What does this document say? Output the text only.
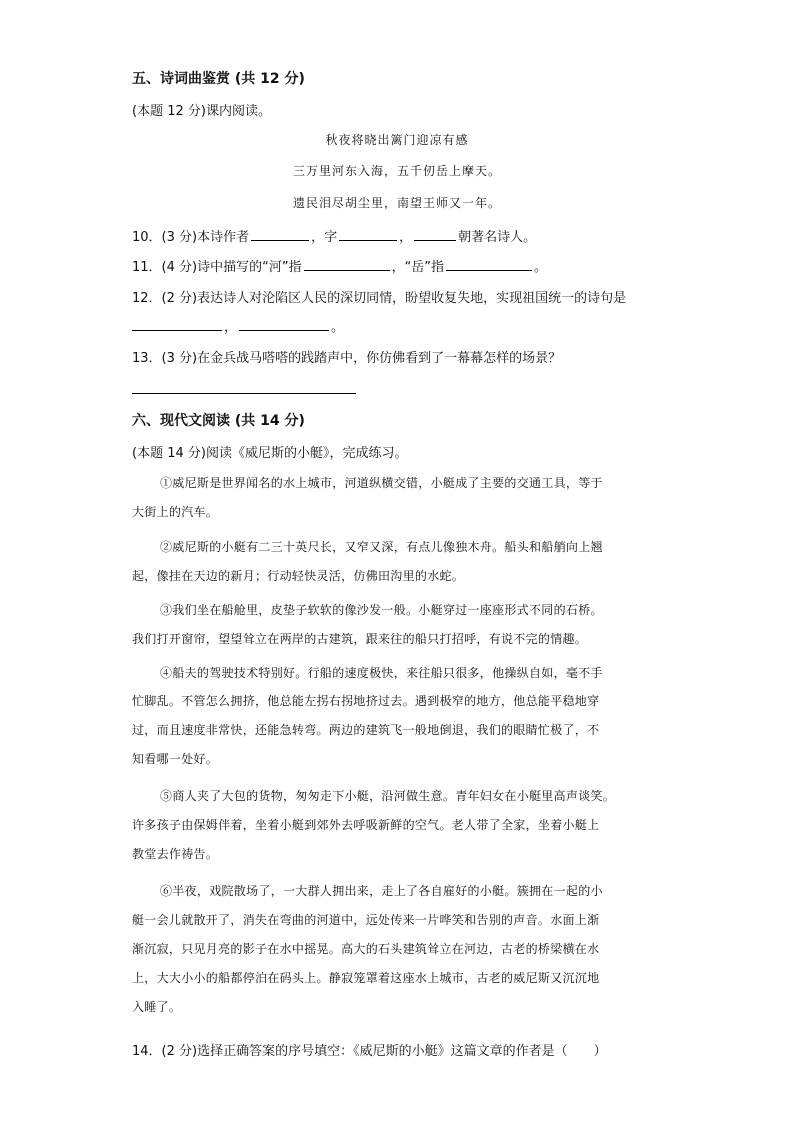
五、诗词曲鉴赏 (共 12 分)
(本题 12 分)课内阅读。
秋夜将晓出篱门迎凉有感
三万里河东入海，五千仞岳上摩天。
遗民泪尽胡尘里，南望王师又一年。
10．(3 分)本诗作者	，字	，	朝著名诗人。
11．(4 分)诗中描写的“河”指	，“岳”指	。
12．(2 分)表达诗人对沦陷区人民的深切同情，盼望收复失地，实现祖国统一的诗句是
，	。
13．(3 分)在金兵战马嗒嗒的践踏声中，你仿佛看到了一幕幕怎样的场景？
六、现代文阅读 (共 14 分)
(本题 14 分)阅读《威尼斯的小艇》，完成练习。
①威尼斯是世界闻名的水上城市，河道纵横交错，小艇成了主要的交通工具，等于
大街上的汽车。
②威尼斯的小艇有二三十英尺长，又窄又深，有点儿像独木舟。船头和船艄向上翘
起，像挂在天边的新月；行动轻快灵活，仿佛田沟里的水蛇。
③我们坐在船舱里，皮垫子软软的像沙发一般。小艇穿过一座座形式不同的石桥。
我们打开窗帘，望望耸立在两岸的古建筑，跟来往的船只打招呼，有说不完的情趣。
④船夫的驾驶技术特别好。行船的速度极快，来往船只很多，他操纵自如，毫不手
忙脚乱。不管怎么拥挤，他总能左拐右拐地挤过去。遇到极窄的地方，他总能平稳地穿
过，而且速度非常快，还能急转弯。两边的建筑飞一般地倒退，我们的眼睛忙极了，不
知看哪一处好。
⑤商人夹了大包的货物，匆匆走下小艇，沿河做生意。青年妇女在小艇里高声谈笑。
许多孩子由保姆伴着，坐着小艇到郊外去呼吸新鲜的空气。老人带了全家，坐着小艇上
教堂去作祷告。
⑥半夜，戏院散场了，一大群人拥出来，走上了各自雇好的小艇。簇拥在一起的小
艇一会儿就散开了，消失在弯曲的河道中，远处传来一片哗笑和告别的声音。水面上渐
渐沉寂，只见月亮的影子在水中摇晃。高大的石头建筑耸立在河边，古老的桥梁横在水
上，大大小小的船都停泊在码头上。静寂笼罩着这座水上城市，古老的威尼斯又沉沉地
入睡了。
14．(2 分)选择正确答案的序号填空：《威尼斯的小艇》这篇文章的作者是（　　）
